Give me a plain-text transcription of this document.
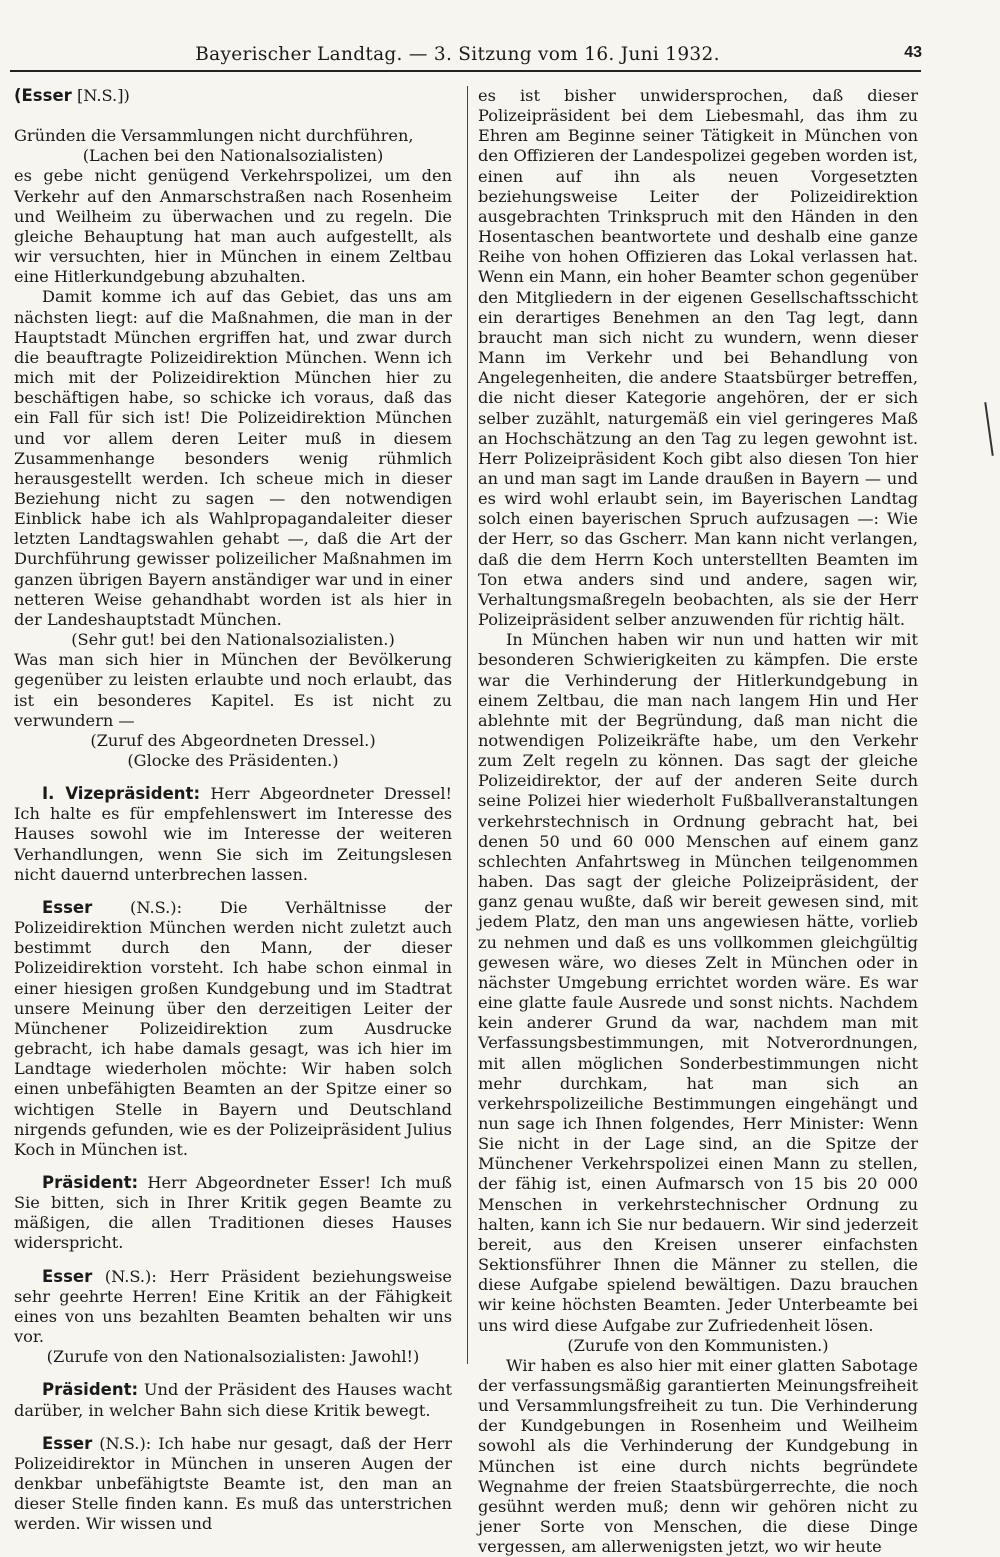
Bayerischer Landtag. — 3. Sitzung vom 16. Juni 1932.	43

(Esser [N.S.])

Gründen die Versammlungen nicht durchführen,

(Lachen bei den Nationalsozialisten)

es gebe nicht genügend Verkehrspolizei, um den Verkehr auf den Anmarschstraßen nach Rosenheim und Weilheim zu überwachen und zu regeln. Die gleiche Behauptung hat man auch aufgestellt, als wir versuchten, hier in München in einem Zeltbau eine Hitlerkundgebung abzuhalten.

Damit komme ich auf das Gebiet, das uns am nächsten liegt: auf die Maßnahmen, die man in der Hauptstadt München ergriffen hat, und zwar durch die beauftragte Polizeidirektion München. Wenn ich mich mit der Polizeidirektion München hier zu beschäftigen habe, so schicke ich voraus, daß das ein Fall für sich ist! Die Polizeidirektion München und vor allem deren Leiter muß in diesem Zusammenhange besonders wenig rühmlich herausgestellt werden. Ich scheue mich in dieser Beziehung nicht zu sagen — den notwendigen Einblick habe ich als Wahlpropagandaleiter dieser letzten Landtagswahlen gehabt —, daß die Art der Durchführung gewisser polizeilicher Maßnahmen im ganzen übrigen Bayern anständiger war und in einer netteren Weise gehandhabt worden ist als hier in der Landeshauptstadt München.

(Sehr gut! bei den Nationalsozialisten.)

Was man sich hier in München der Bevölkerung gegenüber zu leisten erlaubte und noch erlaubt, das ist ein besonderes Kapitel. Es ist nicht zu verwundern —

(Zuruf des Abgeordneten Dressel.)

(Glocke des Präsidenten.)

I. Vizepräsident: Herr Abgeordneter Dressel! Ich halte es für empfehlenswert im Interesse des Hauses sowohl wie im Interesse der weiteren Verhandlungen, wenn Sie sich im Zeitungslesen nicht dauernd unterbrechen lassen.

Esser (N.S.): Die Verhältnisse der Polizeidirektion München werden nicht zuletzt auch bestimmt durch den Mann, der dieser Polizeidirektion vorsteht. Ich habe schon einmal in einer hiesigen großen Kundgebung und im Stadtrat unsere Meinung über den derzeitigen Leiter der Münchener Polizeidirektion zum Ausdrucke gebracht, ich habe damals gesagt, was ich hier im Landtage wiederholen möchte: Wir haben solch einen unbefähigten Beamten an der Spitze einer so wichtigen Stelle in Bayern und Deutschland nirgends gefunden, wie es der Polizeipräsident Julius Koch in München ist.

Präsident: Herr Abgeordneter Esser! Ich muß Sie bitten, sich in Ihrer Kritik gegen Beamte zu mäßigen, die allen Traditionen dieses Hauses widerspricht.

Esser (N.S.): Herr Präsident beziehungsweise sehr geehrte Herren! Eine Kritik an der Fähigkeit eines von uns bezahlten Beamten behalten wir uns vor.

(Zurufe von den Nationalsozialisten: Jawohl!)

Präsident: Und der Präsident des Hauses wacht darüber, in welcher Bahn sich diese Kritik bewegt.

Esser (N.S.): Ich habe nur gesagt, daß der Herr Polizeidirektor in München in unseren Augen der denkbar unbefähigtste Beamte ist, den man an dieser Stelle finden kann. Es muß das unterstrichen werden. Wir wissen und

es ist bisher unwidersprochen, daß dieser Polizeipräsident bei dem Liebesmahl, das ihm zu Ehren am Beginne seiner Tätigkeit in München von den Offizieren der Landespolizei gegeben worden ist, einen auf ihn als neuen Vorgesetzten beziehungsweise Leiter der Polizeidirektion ausgebrachten Trinkspruch mit den Händen in den Hosentaschen beantwortete und deshalb eine ganze Reihe von hohen Offizieren das Lokal verlassen hat. Wenn ein Mann, ein hoher Beamter schon gegenüber den Mitgliedern in der eigenen Gesellschaftsschicht ein derartiges Benehmen an den Tag legt, dann braucht man sich nicht zu wundern, wenn dieser Mann im Verkehr und bei Behandlung von Angelegenheiten, die andere Staatsbürger betreffen, die nicht dieser Kategorie angehören, der er sich selber zuzählt, naturgemäß ein viel geringeres Maß an Hochschätzung an den Tag zu legen gewohnt ist. Herr Polizeipräsident Koch gibt also diesen Ton hier an und man sagt im Lande draußen in Bayern — und es wird wohl erlaubt sein, im Bayerischen Landtag solch einen bayerischen Spruch aufzusagen —: Wie der Herr, so das Gscherr. Man kann nicht verlangen, daß die dem Herrn Koch unterstellten Beamten im Ton etwa anders sind und andere, sagen wir, Verhaltungsmaßregeln beobachten, als sie der Herr Polizeipräsident selber anzuwenden für richtig hält.

In München haben wir nun und hatten wir mit besonderen Schwierigkeiten zu kämpfen. Die erste war die Verhinderung der Hitlerkundgebung in einem Zeltbau, die man nach langem Hin und Her ablehnte mit der Begründung, daß man nicht die notwendigen Polizeikräfte habe, um den Verkehr zum Zelt regeln zu können. Das sagt der gleiche Polizeidirektor, der auf der anderen Seite durch seine Polizei hier wiederholt Fußballveranstaltungen verkehrstechnisch in Ordnung gebracht hat, bei denen 50 und 60 000 Menschen auf einem ganz schlechten Anfahrtsweg in München teilgenommen haben. Das sagt der gleiche Polizeipräsident, der ganz genau wußte, daß wir bereit gewesen sind, mit jedem Platz, den man uns angewiesen hätte, vorlieb zu nehmen und daß es uns vollkommen gleichgültig gewesen wäre, wo dieses Zelt in München oder in nächster Umgebung errichtet worden wäre. Es war eine glatte faule Ausrede und sonst nichts. Nachdem kein anderer Grund da war, nachdem man mit Verfassungsbestimmungen, mit Notverordnungen, mit allen möglichen Sonderbestimmungen nicht mehr durchkam, hat man sich an verkehrspolizeiliche Bestimmungen eingehängt und nun sage ich Ihnen folgendes, Herr Minister: Wenn Sie nicht in der Lage sind, an die Spitze der Münchener Verkehrspolizei einen Mann zu stellen, der fähig ist, einen Aufmarsch von 15 bis 20 000 Menschen in verkehrstechnischer Ordnung zu halten, kann ich Sie nur bedauern. Wir sind jederzeit bereit, aus den Kreisen unserer einfachsten Sektionsführer Ihnen die Männer zu stellen, die diese Aufgabe spielend bewältigen. Dazu brauchen wir keine höchsten Beamten. Jeder Unterbeamte bei uns wird diese Aufgabe zur Zufriedenheit lösen.

(Zurufe von den Kommunisten.)

Wir haben es also hier mit einer glatten Sabotage der verfassungsmäßig garantierten Meinungsfreiheit und Versammlungsfreiheit zu tun. Die Verhinderung der Kundgebungen in Rosenheim und Weilheim sowohl als die Verhinderung der Kundgebung in München ist eine durch nichts begründete Wegnahme der freien Staatsbürgerrechte, die noch gesühnt werden muß; denn wir gehören nicht zu jener Sorte von Menschen, die diese Dinge vergessen, am allerwenigsten jetzt, wo wir heute
